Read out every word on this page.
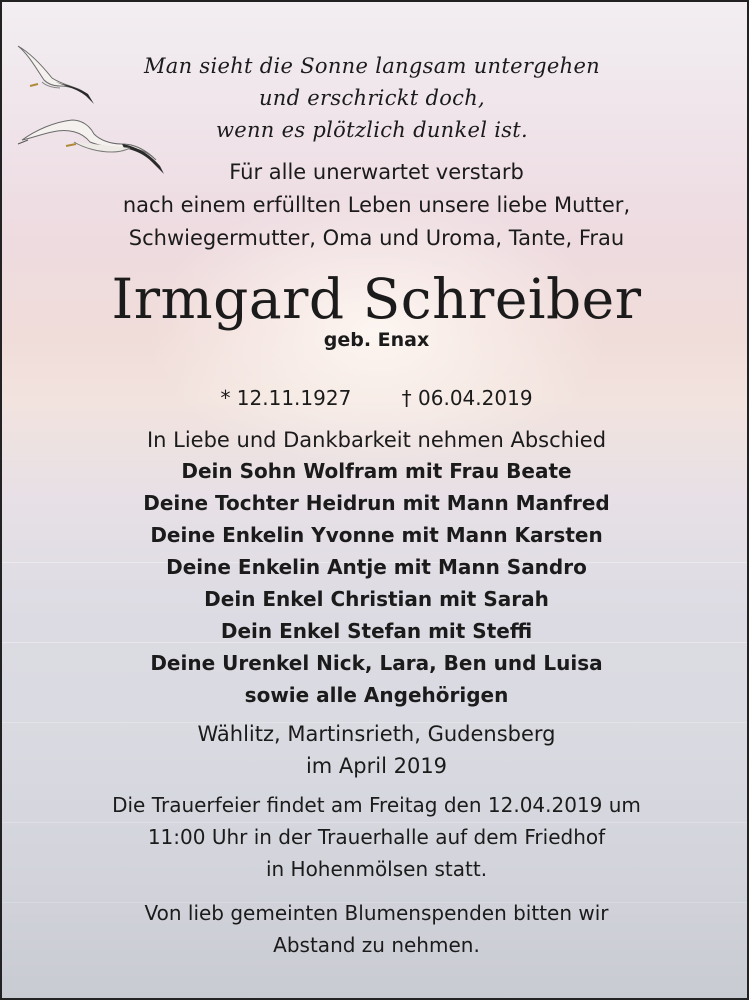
Man sieht die Sonne langsam untergehen
und erschrickt doch,
wenn es plötzlich dunkel ist.
Für alle unerwartet verstarb
nach einem erfüllten Leben unsere liebe Mutter,
Schwiegermutter, Oma und Uroma, Tante, Frau
Irmgard Schreiber
geb. Enax
* 12.11.1927	† 06.04.2019
In Liebe und Dankbarkeit nehmen Abschied
Dein Sohn Wolfram mit Frau Beate
Deine Tochter Heidrun mit Mann Manfred
Deine Enkelin Yvonne mit Mann Karsten
Deine Enkelin Antje mit Mann Sandro
Dein Enkel Christian mit Sarah
Dein Enkel Stefan mit Steffi
Deine Urenkel Nick, Lara, Ben und Luisa
sowie alle Angehörigen
Wählitz, Martinsrieth, Gudensberg
im April 2019
Die Trauerfeier findet am Freitag den 12.04.2019 um
11:00 Uhr in der Trauerhalle auf dem Friedhof
in Hohenmölsen statt.
Von lieb gemeinten Blumenspenden bitten wir
Abstand zu nehmen.
